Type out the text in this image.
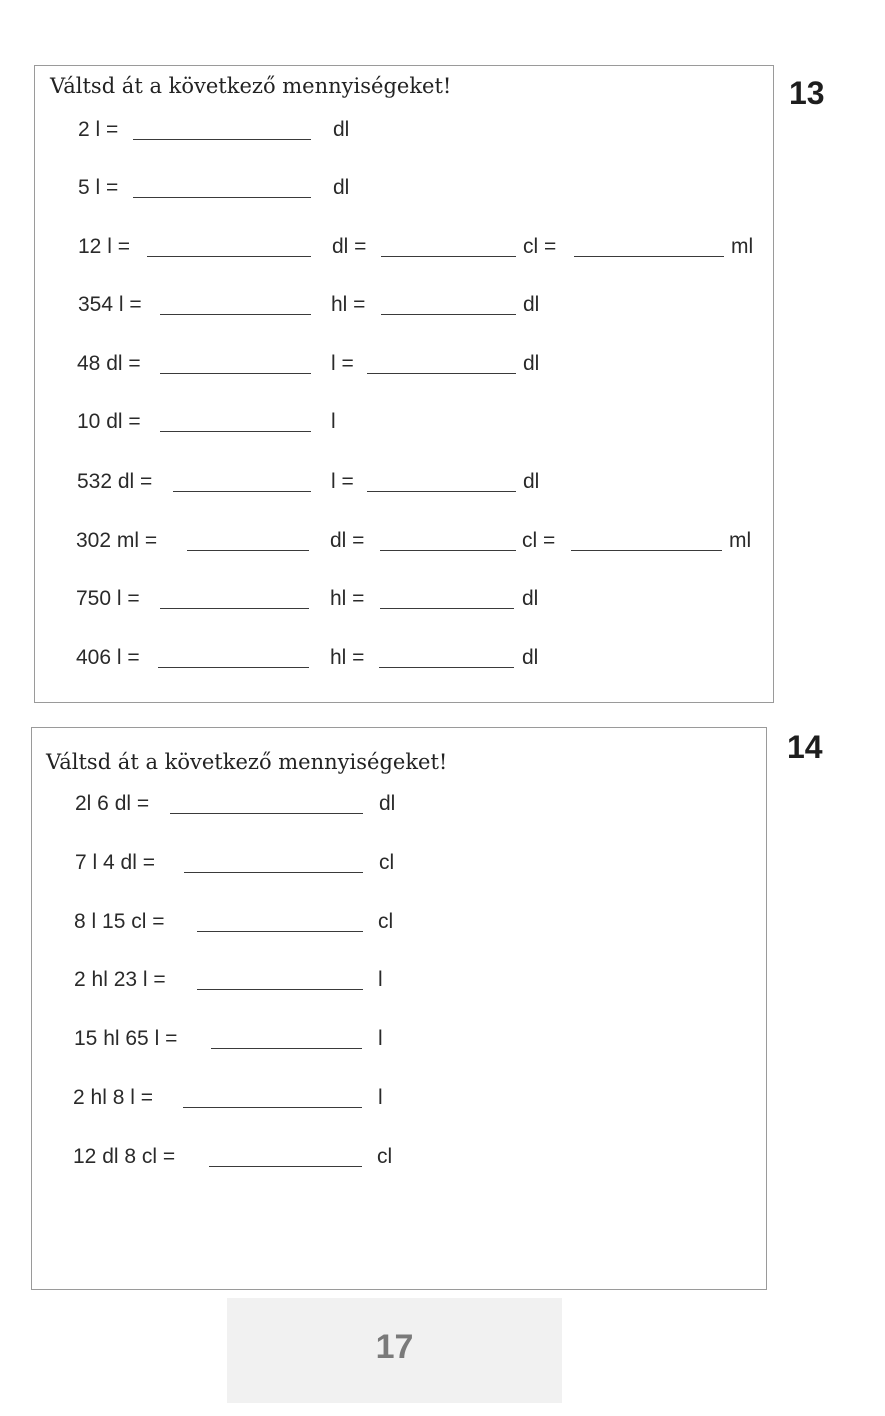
Váltsd át a következő mennyiségeket!	13
2 l =	dl
5 l =	dl
12 l =	dl =	cl =	ml
354 l =	hl =	dl
48 dl =	l =	dl
10 dl =	l
532 dl =	l =	dl
302 ml =	dl =	cl =	ml
750 l =	hl =	dl
406 l =	hl =	dl
Váltsd át a következő mennyiségeket!	14
2l 6 dl =	dl
7 l 4 dl =	cl
8 l 15 cl =	cl
2 hl 23 l =	l
15 hl 65 l =	l
2 hl 8 l =	l
12 dl 8 cl =	cl
17
